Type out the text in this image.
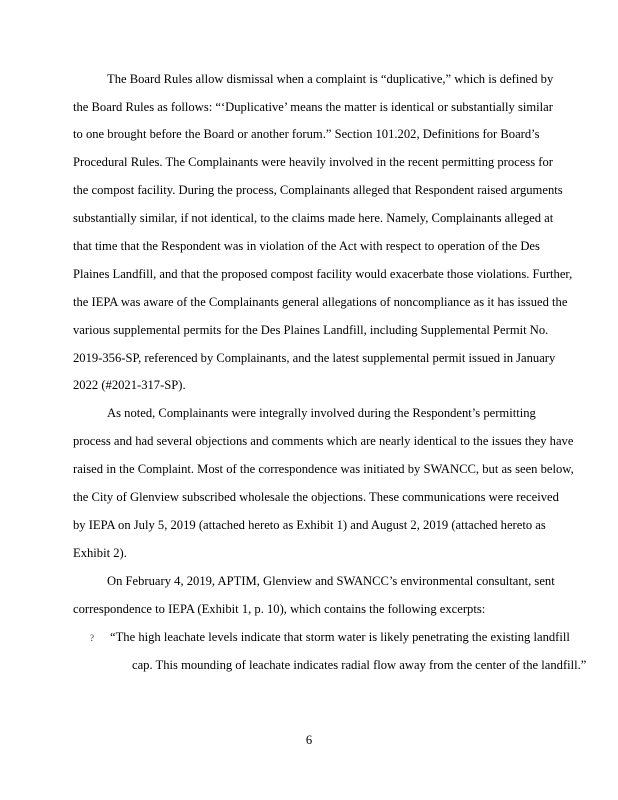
The Board Rules allow dismissal when a complaint is “duplicative,” which is defined by
the Board Rules as follows: “‘Duplicative’ means the matter is identical or substantially similar
to one brought before the Board or another forum.” Section 101.202, Definitions for Board’s
Procedural Rules. The Complainants were heavily involved in the recent permitting process for
the compost facility. During the process, Complainants alleged that Respondent raised arguments
substantially similar, if not identical, to the claims made here. Namely, Complainants alleged at
that time that the Respondent was in violation of the Act with respect to operation of the Des
Plaines Landfill, and that the proposed compost facility would exacerbate those violations. Further,
the IEPA was aware of the Complainants general allegations of noncompliance as it has issued the
various supplemental permits for the Des Plaines Landfill, including Supplemental Permit No.
2019-356-SP, referenced by Complainants, and the latest supplemental permit issued in January
2022 (#2021-317-SP).
As noted, Complainants were integrally involved during the Respondent’s permitting
process and had several objections and comments which are nearly identical to the issues they have
raised in the Complaint. Most of the correspondence was initiated by SWANCC, but as seen below,
the City of Glenview subscribed wholesale the objections. These communications were received
by IEPA on July 5, 2019 (attached hereto as Exhibit 1) and August 2, 2019 (attached hereto as
Exhibit 2).
On February 4, 2019, APTIM, Glenview and SWANCC’s environmental consultant, sent
correspondence to IEPA (Exhibit 1, p. 10), which contains the following excerpts:
? “The high leachate levels indicate that storm water is likely penetrating the existing landfill
cap. This mounding of leachate indicates radial flow away from the center of the landfill.”
6
